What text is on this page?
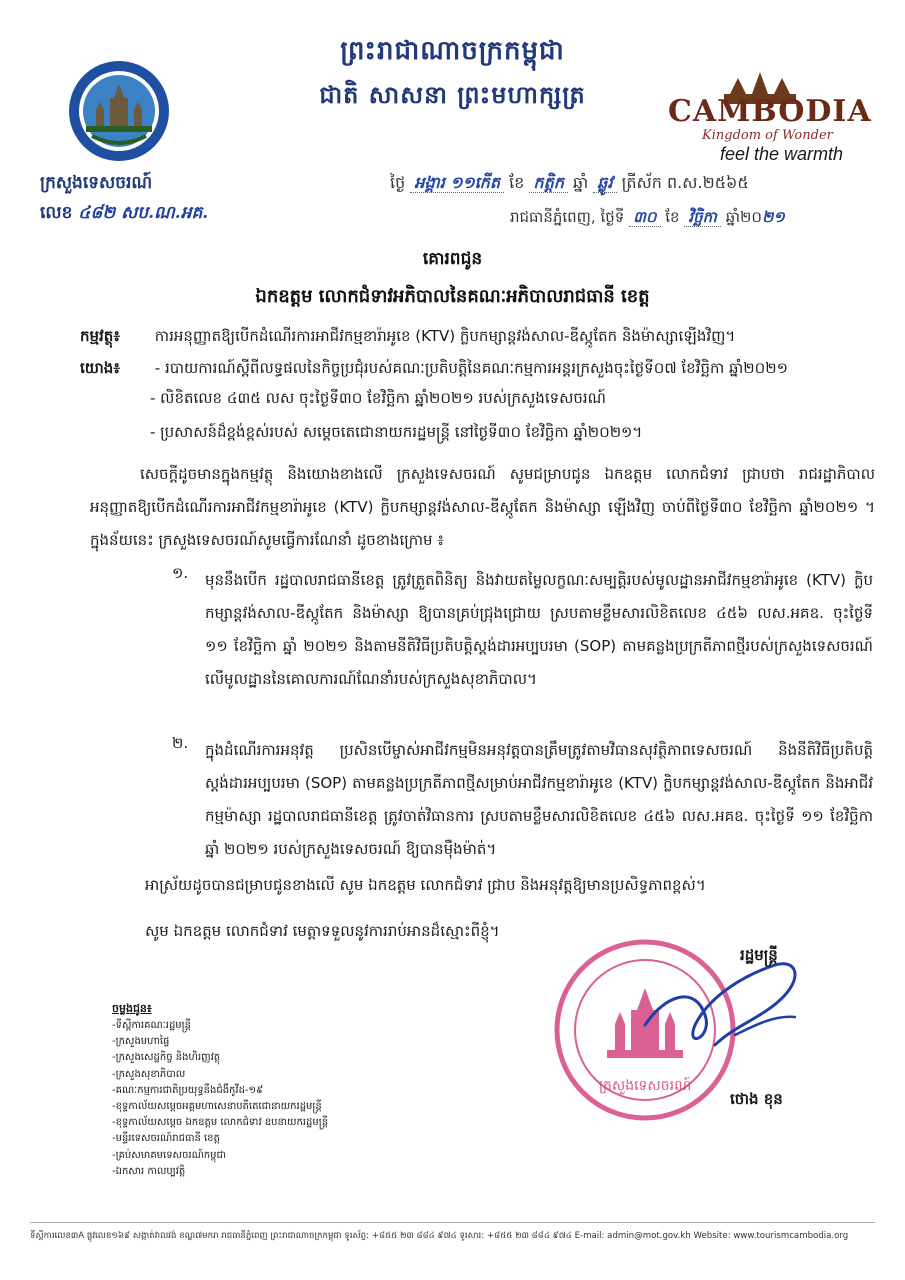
ព្រះរាជាណាចក្រកម្ពុជា
ជាតិ សាសនា ព្រះមហាក្សត្រ
ក្រសួងទេសចរណ៍
លេខ ៤៨២ សប.ណ.អគ.
CAMBODIA
Kingdom of Wonder
feel the warmth
ថ្ងៃ អង្គារ ១១កើត ខែ កត្តិក ឆ្នាំ ឆ្លូវ ត្រីស័ក ព.ស.២៥៦៥
រាជធានីភ្នំពេញ, ថ្ងៃទី ៣០ ខែ វិច្ឆិកា ឆ្នាំ២០២១
គោរពជូន
ឯកឧត្តម លោកជំទាវអភិបាលនៃគណៈអភិបាលរាជធានី ខេត្ត
កម្មវត្ថុ៖ ការអនុញ្ញាតឱ្យបើកដំណើរការអាជីវកម្មខារ៉ាអូខេ (KTV) ក្លិបកម្សាន្តវង់សាល-ឌីស្កូតែក និងម៉ាស្សាឡើងវិញ។
យោង៖ - របាយការណ៍ស្តីពីលទ្ធផលនៃកិច្ចប្រជុំរបស់គណៈប្រតិបត្តិនៃគណៈកម្មការអន្តរក្រសួងចុះថ្ងៃទី០៧ ខែវិច្ឆិកា ឆ្នាំ២០២១
- លិខិតលេខ ៤៣៥ លស ចុះថ្ងៃទី៣០ ខែវិច្ឆិកា ឆ្នាំ២០២១ របស់ក្រសួងទេសចរណ៍
- ប្រសាសន៍ដ៏ខ្ពង់ខ្ពស់របស់ សម្តេចតេជោនាយករដ្ឋមន្ត្រី នៅថ្ងៃទី៣០ ខែវិច្ឆិកា ឆ្នាំ២០២១។
សេចក្តីដូចមានក្នុងកម្មវត្ថុ និងយោងខាងលើ ក្រសួងទេសចរណ៍ សូមជម្រាបជូន ឯកឧត្តម លោកជំទាវ ជ្រាបថា រាជរដ្ឋាភិបាលអនុញ្ញាតឱ្យបើកដំណើរការអាជីវកម្មខារ៉ាអូខេ (KTV) ក្លិបកម្សាន្តវង់សាល-ឌីស្កូតែក និងម៉ាស្សា ឡើងវិញ ចាប់ពីថ្ងៃទី៣០ ខែវិច្ឆិកា ឆ្នាំ២០២១ ។ ក្នុងន័យនេះ ក្រសួងទេសចរណ៍សូមធ្វើការណែនាំ ដូចខាងក្រោម ៖
១. មុននឹងបើក រដ្ឋបាលរាជធានីខេត្ត ត្រូវត្រួតពិនិត្យ និងវាយតម្លៃលក្ខណៈសម្បត្តិរបស់មូលដ្ឋានអាជីវកម្មខារ៉ាអូខេ (KTV) ក្លិបកម្សាន្តវង់សាល-ឌីស្កូតែក និងម៉ាស្សា ឱ្យបានគ្រប់ជ្រុងជ្រោយ ស្របតាមខ្លឹមសារលិខិតលេខ ៤៥៦ លស.អគឧ. ចុះថ្ងៃទី ១១ ខែវិច្ឆិកា ឆ្នាំ ២០២១ និងតាមនីតិវិធីប្រតិបត្តិស្តង់ដារអប្បបរមា (SOP) តាមគន្លងប្រក្រតីភាពថ្មីរបស់ក្រសួងទេសចរណ៍ លើមូលដ្ឋាននៃគោលការណ៍ណែនាំរបស់ក្រសួងសុខាភិបាល។
២. ក្នុងដំណើរការអនុវត្ត ប្រសិនបើម្ចាស់អាជីវកម្មមិនអនុវត្តបានត្រឹមត្រូវតាមវិធានសុវត្ថិភាពទេសចរណ៍ និងនីតិវិធីប្រតិបត្តិស្តង់ដារអប្បបរមា (SOP) តាមគន្លងប្រក្រតីភាពថ្មីសម្រាប់អាជីវកម្មខារ៉ាអូខេ (KTV) ក្លិបកម្សាន្តវង់សាល-ឌីស្កូតែក និងអាជីវកម្មម៉ាស្សា រដ្ឋបាលរាជធានីខេត្ត ត្រូវចាត់វិធានការ ស្របតាមខ្លឹមសារលិខិតលេខ ៤៥៦ លស.អគឧ. ចុះថ្ងៃទី ១១ ខែវិច្ឆិកា ឆ្នាំ ២០២១ របស់ក្រសួងទេសចរណ៍ ឱ្យបានម៉ឺងម៉ាត់។
អាស្រ័យដូចបានជម្រាបជូនខាងលើ សូម ឯកឧត្តម លោកជំទាវ ជ្រាប និងអនុវត្តឱ្យមានប្រសិទ្ធភាពខ្ពស់។
សូម ឯកឧត្តម លោកជំទាវ មេត្តាទទួលនូវការរាប់អានដ៏ស្មោះពីខ្ញុំ។
ក្រសួងទេសចរណ៍
រដ្ឋមន្ត្រី
ថោង ខុន
ចម្លងជូន៖
-ទីស្តីការគណៈរដ្ឋមន្ត្រី
-ក្រសួងមហាផ្ទៃ
-ក្រសួងសេដ្ឋកិច្ច និងហិរញ្ញវត្ថុ
-ក្រសួងសុខាភិបាល
-គណៈកម្មការជាតិប្រយុទ្ធនឹងជំងឺកូវីដ-១៩
-ខុទ្ទកាល័យសម្តេចអគ្គមហាសេនាបតីតេជោនាយករដ្ឋមន្ត្រី
-ខុទ្ទកាល័យសម្តេច ឯកឧត្តម លោកជំទាវ ឧបនាយករដ្ឋមន្ត្រី
-មន្ទីរទេសចរណ៍រាជធានី ខេត្ត
-គ្រប់សមាគមទេសចរណ៍កម្ពុជា
-ឯកសារ កាលប្បវត្តិ
ទីស្តីការលេខ៣A ផ្លូវលេខ១៦៩ សង្កាត់វាលវង់ ខណ្ឌ៧មករា រាជធានីភ្នំពេញ ព្រះរាជាណាចក្រកម្ពុជា ទូរស័ព្ទ: +៨៥៥ ២៣ ៨៨៤ ៩៧៤ ទូរសារ: +៨៥៥ ២៣ ៨៨៤ ៩៧៤ E-mail: admin@mot.gov.kh Website: www.tourismcambodia.org
